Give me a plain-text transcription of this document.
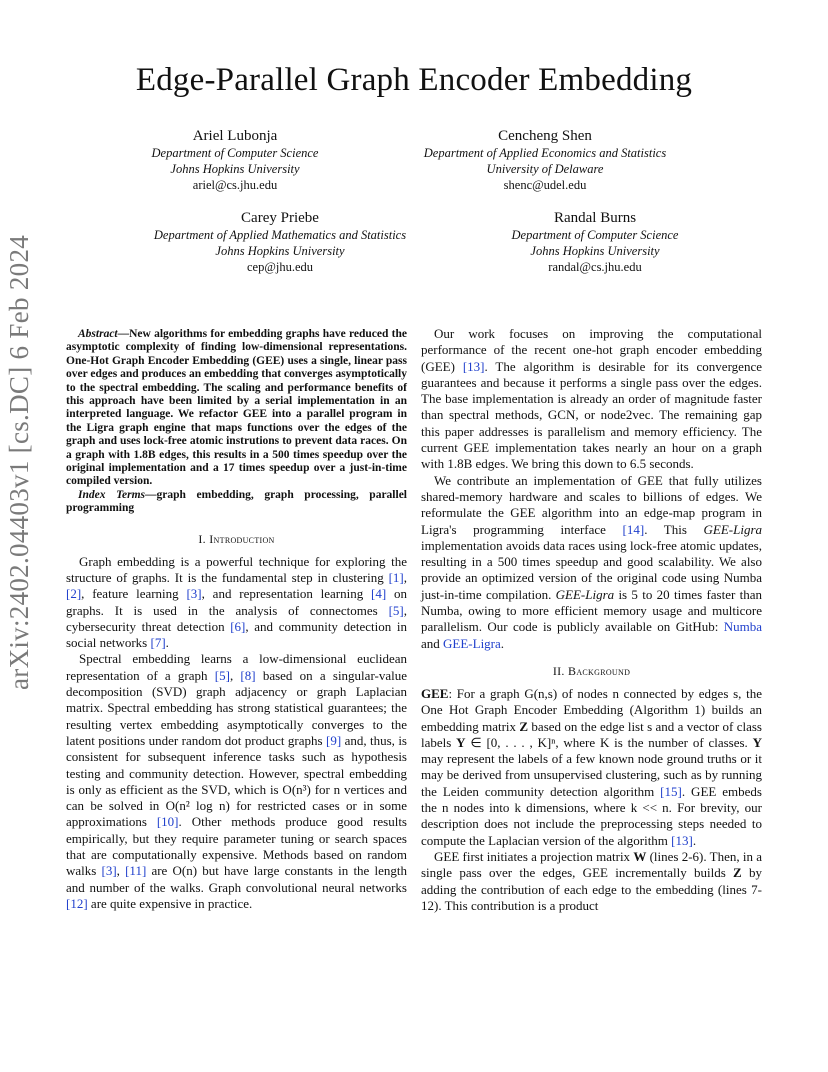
Edge-Parallel Graph Encoder Embedding
Ariel Lubonja
Department of Computer Science
Johns Hopkins University
ariel@cs.jhu.edu
Cencheng Shen
Department of Applied Economics and Statistics
University of Delaware
shenc@udel.edu
Carey Priebe
Department of Applied Mathematics and Statistics
Johns Hopkins University
cep@jhu.edu
Randal Burns
Department of Computer Science
Johns Hopkins University
randal@cs.jhu.edu
arXiv:2402.04403v1 [cs.DC] 6 Feb 2024	Abstract—New algorithms for embedding graphs have reduced the asymptotic complexity of finding low-dimensional representations. One-Hot Graph Encoder Embedding (GEE) uses a single, linear pass over edges and produces an embedding that converges asymptotically to the spectral embedding. The scaling and performance benefits of this approach have been limited by a serial implementation in an interpreted language. We refactor GEE into a parallel program in the Ligra graph engine that maps functions over the edges of the graph and uses lock-free atomic instrutions to prevent data races. On a graph with 1.8B edges, this results in a 500 times speedup over the original implementation and a 17 times speedup over a just-in-time compiled version.

Index Terms—graph embedding, graph processing, parallel programming

I. Introduction

Graph embedding is a powerful technique for exploring the structure of graphs. It is the fundamental step in clustering [1], [2], feature learning [3], and representation learning [4] on graphs. It is used in the analysis of connectomes [5], cybersecurity threat detection [6], and community detection in social networks [7].

Spectral embedding learns a low-dimensional euclidean representation of a graph [5], [8] based on a singular-value decomposition (SVD) graph adjacency or graph Laplacian matrix. Spectral embedding has strong statistical guarantees; the resulting vertex embedding asymptotically converges to the latent positions under random dot product graphs [9] and, thus, is consistent for subsequent inference tasks such as hypothesis testing and community detection. However, spectral embedding is only as efficient as the SVD, which is O(n³) for n vertices and can be solved in O(n² log n) for restricted cases or in some approximations [10]. Other methods produce good results empirically, but they require parameter tuning or search spaces that are computationally expensive. Methods based on random walks [3], [11] are O(n) but have large constants in the length and number of the walks. Graph convolutional neural networks [12] are quite expensive in practice.

Our work focuses on improving the computational performance of the recent one-hot graph encoder embedding (GEE) [13]. The algorithm is desirable for its convergence guarantees and because it performs a single pass over the edges. The base implementation is already an order of magnitude faster than spectral methods, GCN, or node2vec. The remaining gap this paper addresses is parallelism and memory efficiency. The current GEE implementation takes nearly an hour on a graph with 1.8B edges. We bring this down to 6.5 seconds.

We contribute an implementation of GEE that fully utilizes shared-memory hardware and scales to billions of edges. We reformulate the GEE algorithm into an edge-map program in Ligra's programming interface [14]. This GEE-Ligra implementation avoids data races using lock-free atomic updates, resulting in a 500 times speedup and good scalability. We also provide an optimized version of the original code using Numba just-in-time compilation. GEE-Ligra is 5 to 20 times faster than Numba, owing to more efficient memory usage and multicore parallelism. Our code is publicly available on GitHub: Numba and GEE-Ligra.

II. Background

GEE: For a graph G(n,s) of nodes n connected by edges s, the One Hot Graph Encoder Embedding (Algorithm 1) builds an embedding matrix Z based on the edge list s and a vector of class labels Y ∈ [0, . . . , K]ⁿ, where K is the number of classes. Y may represent the labels of a few known node ground truths or it may be derived from unsupervised clustering, such as by running the Leiden community detection algorithm [15]. GEE embeds the n nodes into k dimensions, where k << n. For brevity, our description does not include the preprocessing steps needed to compute the Laplacian version of the algorithm [13].

GEE first initiates a projection matrix W (lines 2-6). Then, in a single pass over the edges, GEE incrementally builds Z by adding the contribution of each edge to the embedding (lines 7-12). This contribution is a product
